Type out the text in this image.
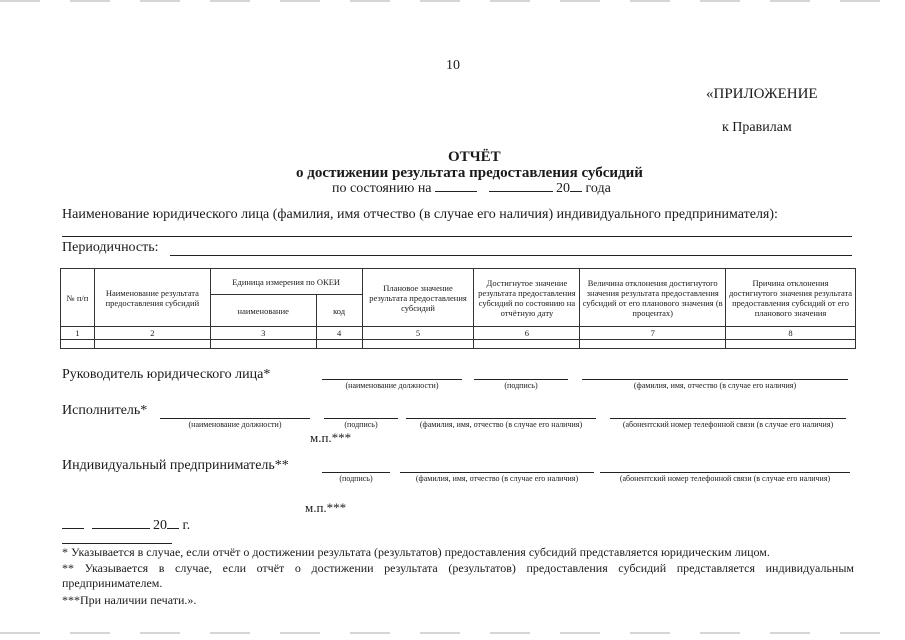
10
«ПРИЛОЖЕНИЕ
к Правилам
ОТЧЁТ
о достижении результата предоставления субсидий
по состоянию на	20 года
Наименование юридического лица (фамилия, имя отчество (в случае его наличия) индивидуального предпринимателя):
Периодичность:
№ п/п	Наименование результата предоставления субсидий	Единица измерения по ОКЕИ		Плановое значение результата предоставления субсидий	Достигнутое значение результата предоставления субсидий по состоянию на отчётную дату	Величина отклонения достигнутого значения результата предоставления субсидий от его планового значения (в процентах)	Причина отклонения достигнутого значения результата предоставления субсидий от его планового значения
		наименование	код				
1	2	3	4	5	6	7	8

Руководитель юридического лица*
(наименование должности)	(подпись)	(фамилия, имя, отчество (в случае его наличия)
Исполнитель*
(наименование должности)	(подпись)	(фамилия, имя, отчество (в случае его наличия)	(абонентский номер телефонной связи (в случае его наличия)
м.п.***
Индивидуальный предприниматель**
(подпись)	(фамилия, имя, отчество (в случае его наличия)	(абонентский номер телефонной связи (в случае его наличия)
м.п.***
20 г.
* Указывается в случае, если отчёт о достижении результата (результатов) предоставления субсидий представляется юридическим лицом.
** Указывается в случае, если отчёт о достижении результата (результатов) предоставления субсидий представляется индивидуальным предпринимателем.
***При наличии печати.».
